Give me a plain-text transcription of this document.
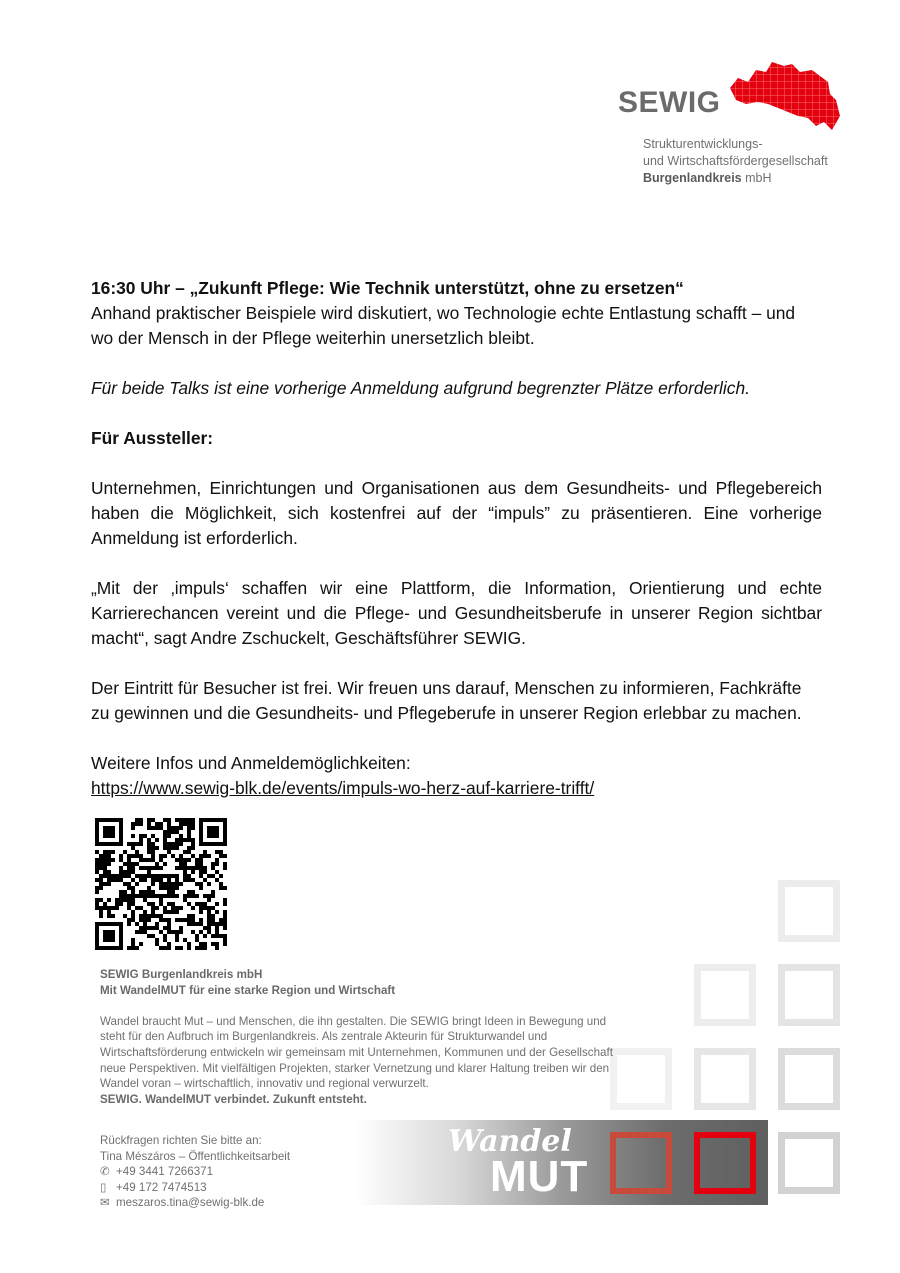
SEWIG
Strukturentwicklungs-
und Wirtschaftsfördergesellschaft
Burgenlandkreis mbH

16:30 Uhr – „Zukunft Pflege: Wie Technik unterstützt, ohne zu ersetzen“

Anhand praktischer Beispiele wird diskutiert, wo Technologie echte Entlastung schafft – und wo der Mensch in der Pflege weiterhin unersetzlich bleibt.

Für beide Talks ist eine vorherige Anmeldung aufgrund begrenzter Plätze erforderlich.

Für Aussteller:

Unternehmen, Einrichtungen und Organisationen aus dem Gesundheits- und Pflegebereich haben die Möglichkeit, sich kostenfrei auf der “impuls” zu präsentieren. Eine vorherige Anmeldung ist erforderlich.

„Mit der ‚impuls‘ schaffen wir eine Plattform, die Information, Orientierung und echte Karrierechancen vereint und die Pflege- und Gesundheitsberufe in unserer Region sichtbar macht“, sagt Andre Zschuckelt, Geschäftsführer SEWIG.

Der Eintritt für Besucher ist frei. Wir freuen uns darauf, Menschen zu informieren, Fachkräfte zu gewinnen und die Gesundheits- und Pflegeberufe in unserer Region erlebbar zu machen.

Weitere Infos und Anmeldemöglichkeiten:

https://www.sewig-blk.de/events/impuls-wo-herz-auf-karriere-trifft/

SEWIG Burgenlandkreis mbH

Mit WandelMUT für eine starke Region und Wirtschaft

Wandel braucht Mut – und Menschen, die ihn gestalten. Die SEWIG bringt Ideen in Bewegung und steht für den Aufbruch im Burgenlandkreis. Als zentrale Akteurin für Strukturwandel und Wirtschaftsförderung entwickeln wir gemeinsam mit Unternehmen, Kommunen und der Gesellschaft neue Perspektiven. Mit vielfältigen Projekten, starker Vernetzung und klarer Haltung treiben wir den Wandel voran – wirtschaftlich, innovativ und regional verwurzelt.

SEWIG. WandelMUT verbindet. Zukunft entsteht.

Rückfragen richten Sie bitte an:

Tina Mészáros – Öffentlichkeitsarbeit

✆ +49 3441 7266371

▯ +49 172 7474513

✉ meszaros.tina@sewig-blk.de

Wandel
MUT
